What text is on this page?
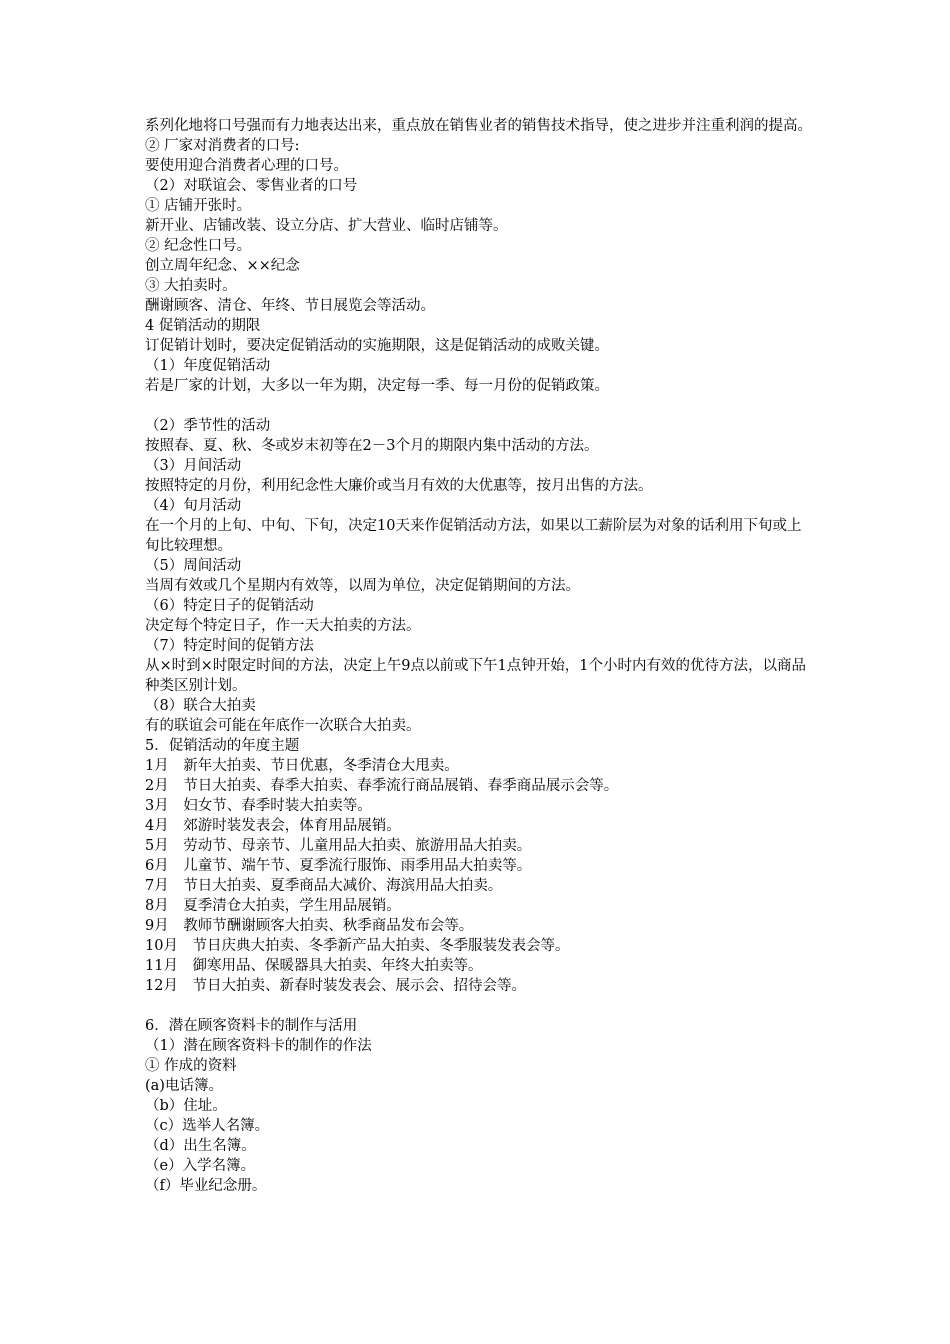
系列化地将口号强而有力地表达出来，重点放在销售业者的销售技术指导，使之进步并注重利润的提高。
② 厂家对消费者的口号:
要使用迎合消费者心理的口号。
（2）对联谊会、零售业者的口号
① 店铺开张时。
新开业、店铺改装、设立分店、扩大营业、临时店铺等。
② 纪念性口号。
创立周年纪念、××纪念
③ 大拍卖时。
酬谢顾客、清仓、年终、节日展览会等活动。
4 促销活动的期限
订促销计划时，要决定促销活动的实施期限，这是促销活动的成败关键。
（1）年度促销活动
若是厂家的计划，大多以一年为期，决定每一季、每一月份的促销政策。
（2）季节性的活动
按照春、夏、秋、冬或岁末初等在2－3个月的期限内集中活动的方法。
（3）月间活动
按照特定的月份，利用纪念性大廉价或当月有效的大优惠等，按月出售的方法。
（4）旬月活动
在一个月的上旬、中旬、下旬，决定10天来作促销活动方法，如果以工薪阶层为对象的话利用下旬或上旬比较理想。
（5）周间活动
当周有效或几个星期内有效等，以周为单位，决定促销期间的方法。
（6）特定日子的促销活动
决定每个特定日子，作一天大拍卖的方法。
（7）特定时间的促销方法
从×时到×时限定时间的方法，决定上午9点以前或下午1点钟开始，1个小时内有效的优待方法，以商品种类区别计划。
（8）联合大拍卖
有的联谊会可能在年底作一次联合大拍卖。
5．促销活动的年度主题
1月　新年大拍卖、节日优惠，冬季清仓大甩卖。
2月　节日大拍卖、春季大拍卖、春季流行商品展销、春季商品展示会等。
3月　妇女节、春季时装大拍卖等。
4月　郊游时装发表会，体育用品展销。
5月　劳动节、母亲节、儿童用品大拍卖、旅游用品大拍卖。
6月　儿童节、端午节、夏季流行服饰、雨季用品大拍卖等。
7月　节日大拍卖、夏季商品大减价、海滨用品大拍卖。
8月　夏季清仓大拍卖，学生用品展销。
9月　教师节酬谢顾客大拍卖、秋季商品发布会等。
10月　节日庆典大拍卖、冬季新产品大拍卖、冬季服装发表会等。
11月　御寒用品、保暖器具大拍卖、年终大拍卖等。
12月　节日大拍卖、新春时装发表会、展示会、招待会等。
6．潜在顾客资料卡的制作与活用
（1）潜在顾客资料卡的制作的作法
① 作成的资料
(a)电话簿。
（b）住址。
（c）选举人名簿。
（d）出生名簿。
（e）入学名簿。
（f）毕业纪念册。
